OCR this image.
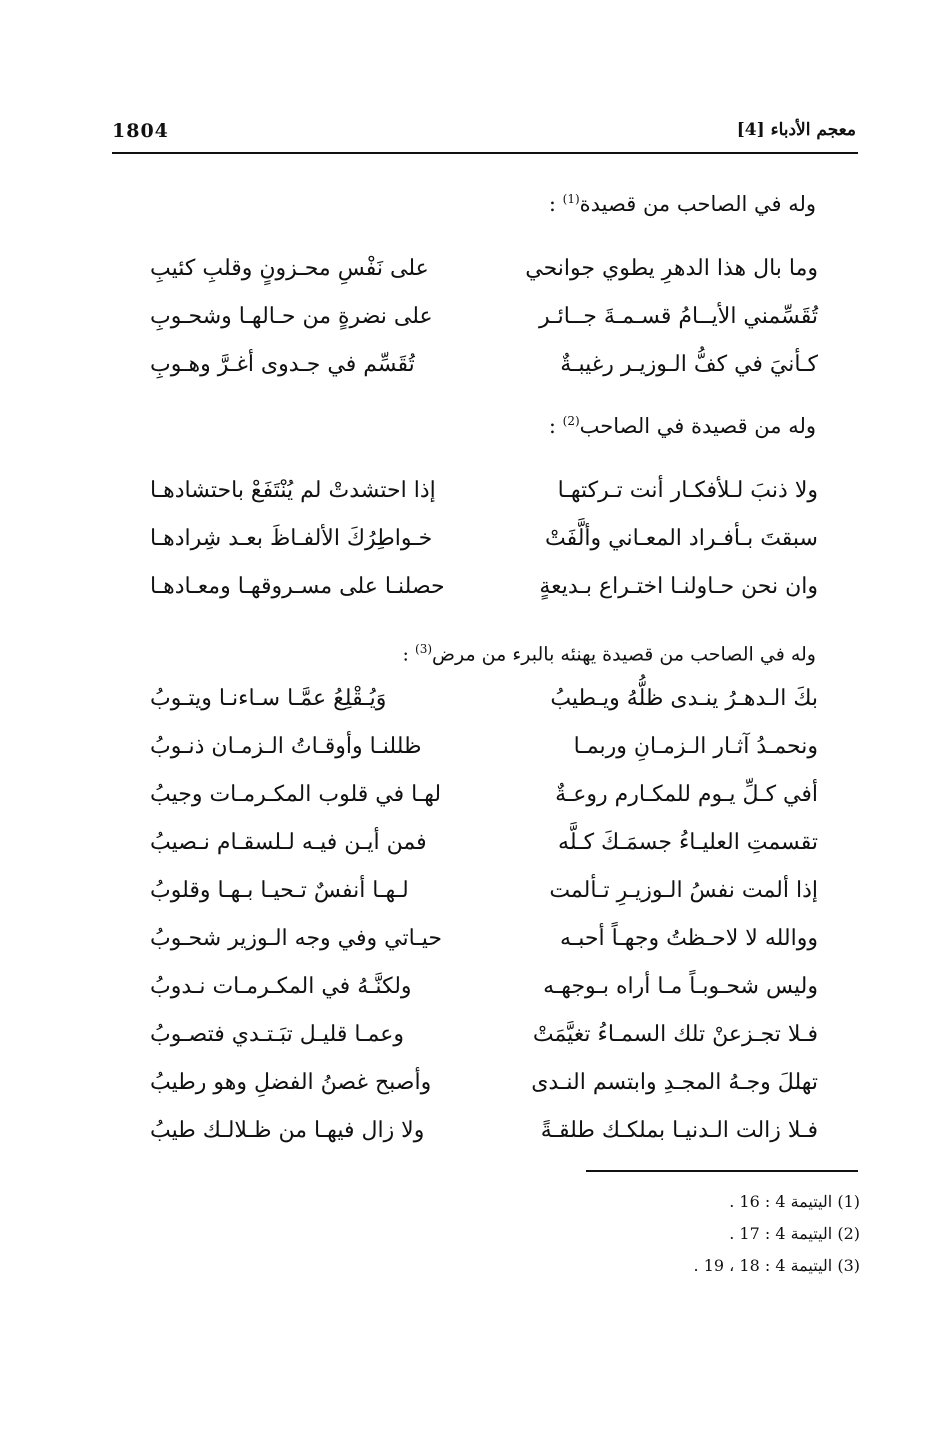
1804	معجم الأدباء [4]
وله في الصاحب من قصيدة$^{(1)}$ :
وما بال هذا الدهرِ يطوي جوانحي
على نَفْسِ محـزونٍ وقلبِ كئيبِ
تُقَسِّمني الأيــامُ قسـمـةَ جــائـر
على نضرةٍ من حـالهـا وشحـوبِ
كـأنيَ في كفُّ الـوزيـر رغيبـةٌ
تُقَسِّم في جـدوى أغـرَّ وهـوبِ
وله من قصيدة في الصاحب$^{(2)}$ :
ولا ذنبَ لـلأفكـار أنت تـركتهـا
إذا احتشدتْ لم يُنْتَفَعْ باحتشادهـا
سبقتَ بـأفـراد المعـاني وألَّفَتْ
خـواطِرُكَ الألفـاظَ بعـد شِرادهـا
وان نحن حـاولنـا اختـراع بـديعةٍ
حصلنـا على مسـروقهـا ومعـادهـا
وله في الصاحب من قصيدة يهنئه بالبرء من مرض$^{(3)}$ :
بكَ الـدهـرُ ينـدى ظلُّهُ ويـطيبُ
وَيُـقْلِعُ عمَّـا سـاءنـا ويتـوبُ
ونحمـدُ آثـار الـزمـانِ وربمـا
ظللنـا وأوقـاتُ الـزمـان ذنـوبُ
أفي كـلِّ يـوم للمكـارم روعـةٌ
لهـا في قلوب المكـرمـات وجيبُ
تقسمتِ العليـاءُ جسمَـكَ كـلَّه
فمن أيـن فيـه لـلسقـام نـصيبُ
إذا ألمت نفسُ الـوزيـرِ تـألمت
لـهـا أنفسٌ تـحيـا بـهـا وقلوبُ
ووالله لا لاحـظتُ وجهـاً أحبـه
حيـاتي وفي وجه الـوزير شحـوبُ
وليس شحـوبـاً مـا أراه بـوجهـه
ولكنَّـهُ في المكـرمـات نـدوبُ
فـلا تجـزعنْ تلك السمـاءُ تغيَّمَتْ
وعمـا قليـل تبَـتـدي فتصـوبُ
تهللَ وجـهُ المجـدِ وابتسم النـدى
وأصبح غصنُ الفضلِ وهو رطيبُ
فـلا زالت الـدنيـا بملكـك طلقـةً
ولا زال فيهـا من ظـلالـك طيبُ
(1) اليتيمة 4 : 16 .
(2) اليتيمة 4 : 17 .
(3) اليتيمة 4 : 18 ، 19 .
